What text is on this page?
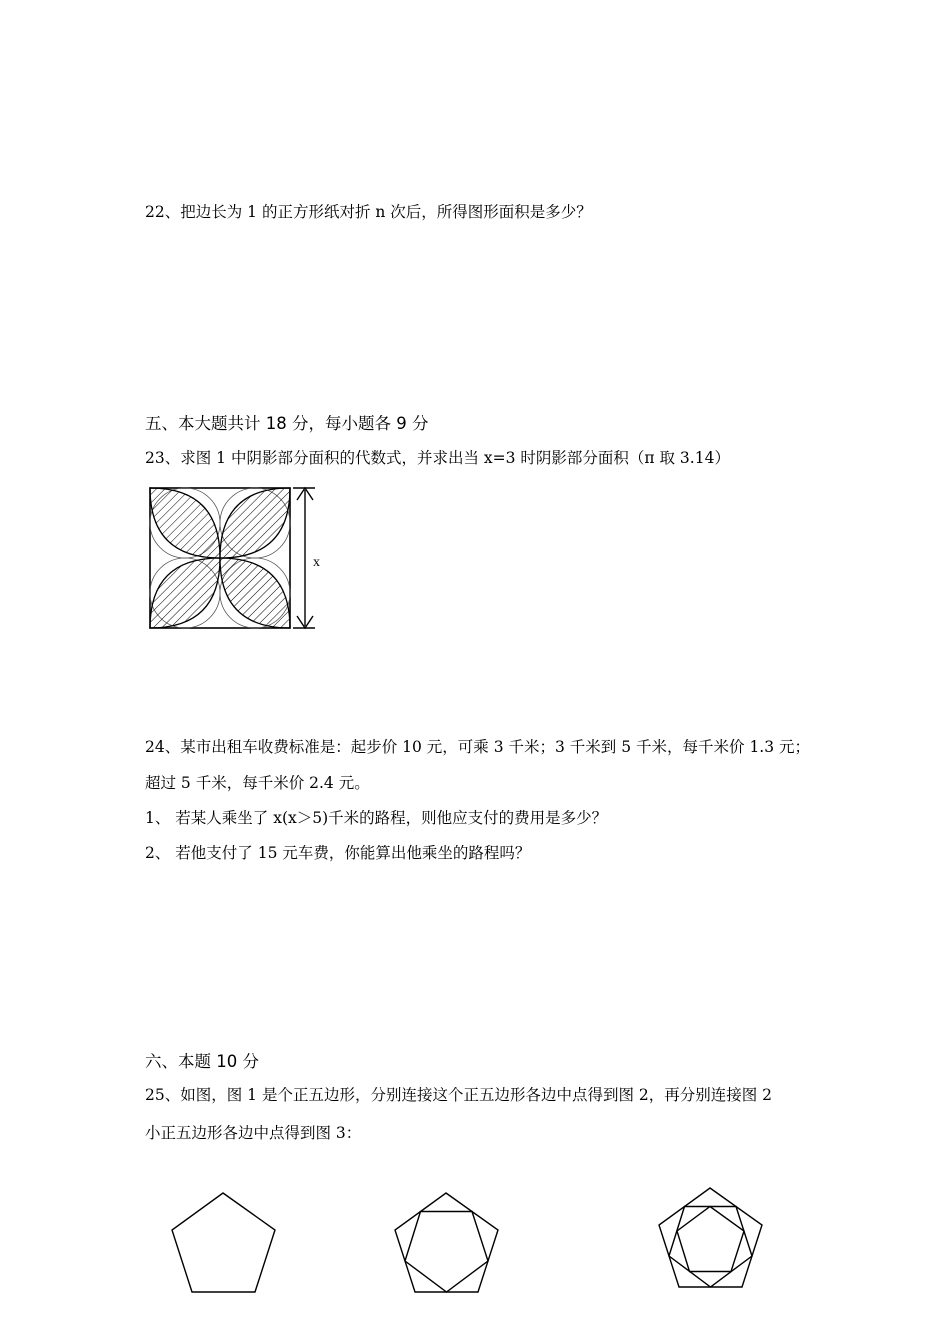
22、把边长为 1 的正方形纸对折 n 次后，所得图形面积是多少？
五、本大题共计 18 分，每小题各 9 分
23、求图 1 中阴影部分面积的代数式，并求出当 x=3 时阴影部分面积（π 取 3.14）
x
24、某市出租车收费标准是：起步价 10 元，可乘 3 千米；3 千米到 5 千米，每千米价 1.3 元；
超过 5 千米，每千米价 2.4 元。
1、 若某人乘坐了 x(x＞5)千米的路程，则他应支付的费用是多少？
2、 若他支付了 15 元车费，你能算出他乘坐的路程吗？
六、本题 10 分
25、如图，图 1 是个正五边形，分别连接这个正五边形各边中点得到图 2，再分别连接图 2
小正五边形各边中点得到图 3：
